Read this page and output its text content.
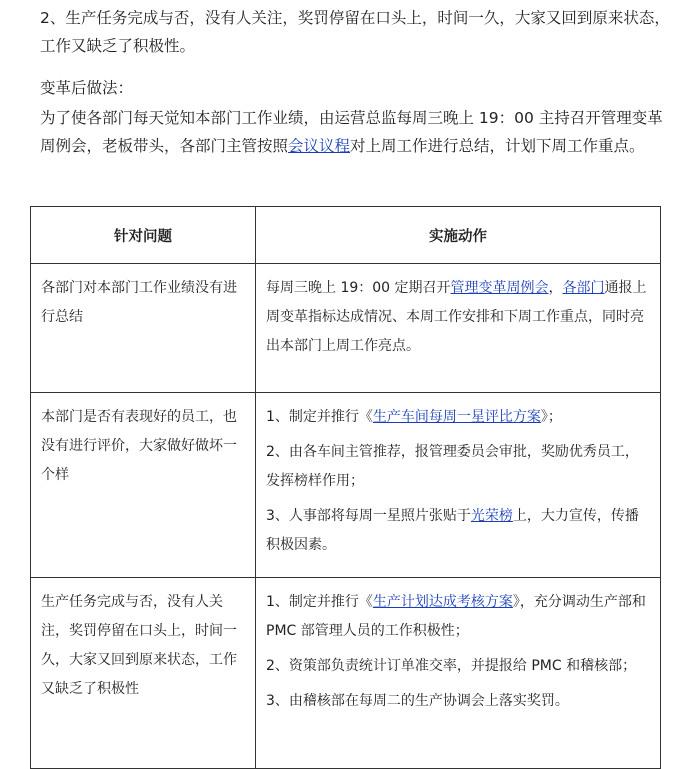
2、生产任务完成与否，没有人关注，奖罚停留在口头上，时间一久，大家又回到原来状态，工作又缺乏了积极性。
变革后做法：
为了使各部门每天觉知本部门工作业绩，由运营总监每周三晚上 19：00 主持召开管理变革周例会，老板带头，各部门主管按照会议议程对上周工作进行总结，计划下周工作重点。
针对问题	实施动作

各部门对本部门工作业绩没有进行总结	每周三晚上 19：00 定期召开管理变革周例会，各部门通报上周变革指标达成情况、本周工作安排和下周工作重点，同时亮出本部门上周工作亮点。

本部门是否有表现好的员工，也没有进行评价，大家做好做坏一个样	1、制定并推行《生产车间每周一星评比方案》；
2、由各车间主管推荐，报管理委员会审批，奖励优秀员工，发挥榜样作用；
3、人事部将每周一星照片张贴于光荣榜上，大力宣传，传播积极因素。

生产任务完成与否，没有人关注，奖罚停留在口头上，时间一久，大家又回到原来状态，工作又缺乏了积极性	1、制定并推行《生产计划达成考核方案》，充分调动生产部和 PMC 部管理人员的工作积极性；
2、资策部负责统计订单准交率，并提报给 PMC 和稽核部；
3、由稽核部在每周二的生产协调会上落实奖罚。
